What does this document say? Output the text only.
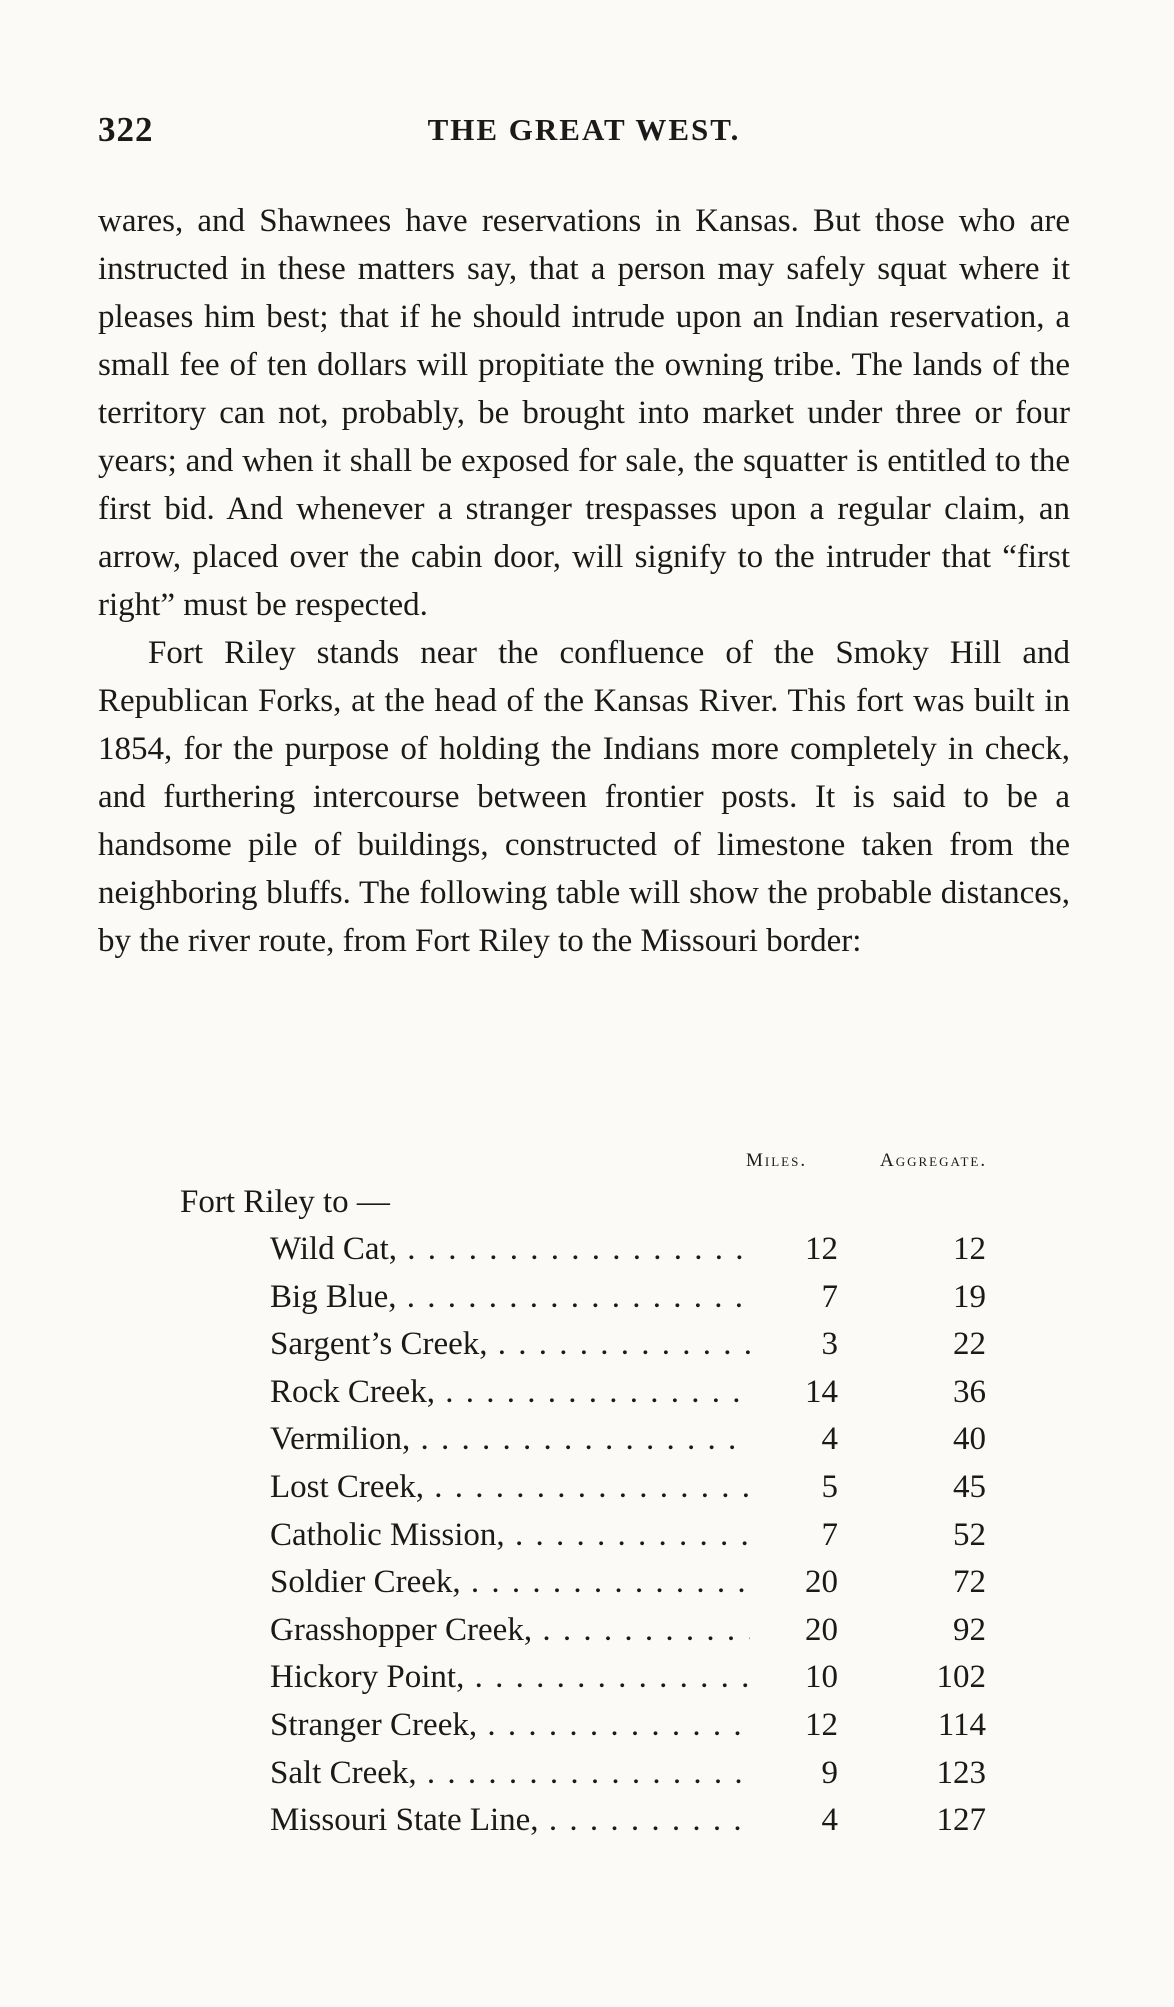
322	THE GREAT WEST.

wares, and Shawnees have reservations in Kansas. But those who are instructed in these matters say, that a person may safely squat where it pleases him best; that if he should intrude upon an Indian reservation, a small fee of ten dollars will propitiate the owning tribe. The lands of the territory can not, probably, be brought into market under three or four years; and when it shall be exposed for sale, the squatter is entitled to the first bid. And whenever a stranger trespasses upon a regular claim, an arrow, placed over the cabin door, will signify to the intruder that “first right” must be respected.

Fort Riley stands near the confluence of the Smoky Hill and Republican Forks, at the head of the Kansas River. This fort was built in 1854, for the purpose of holding the Indians more completely in check, and furthering intercourse between frontier posts. It is said to be a handsome pile of buildings, constructed of limestone taken from the neighboring bluffs. The following table will show the probable distances, by the river route, from Fort Riley to the Missouri border:

Miles.	Aggregate.
Fort Riley to —
Wild Cat, . . .	12	12
Big Blue, . . .	7	19
Sargent’s Creek, . . .	3	22
Rock Creek, . . .	14	36
Vermilion, . . .	4	40
Lost Creek, . . .	5	45
Catholic Mission, . . .	7	52
Soldier Creek, . . .	20	72
Grasshopper Creek, . . .	20	92
Hickory Point, . . .	10	102
Stranger Creek, . . .	12	114
Salt Creek, . . .	9	123
Missouri State Line, . . .	4	127
